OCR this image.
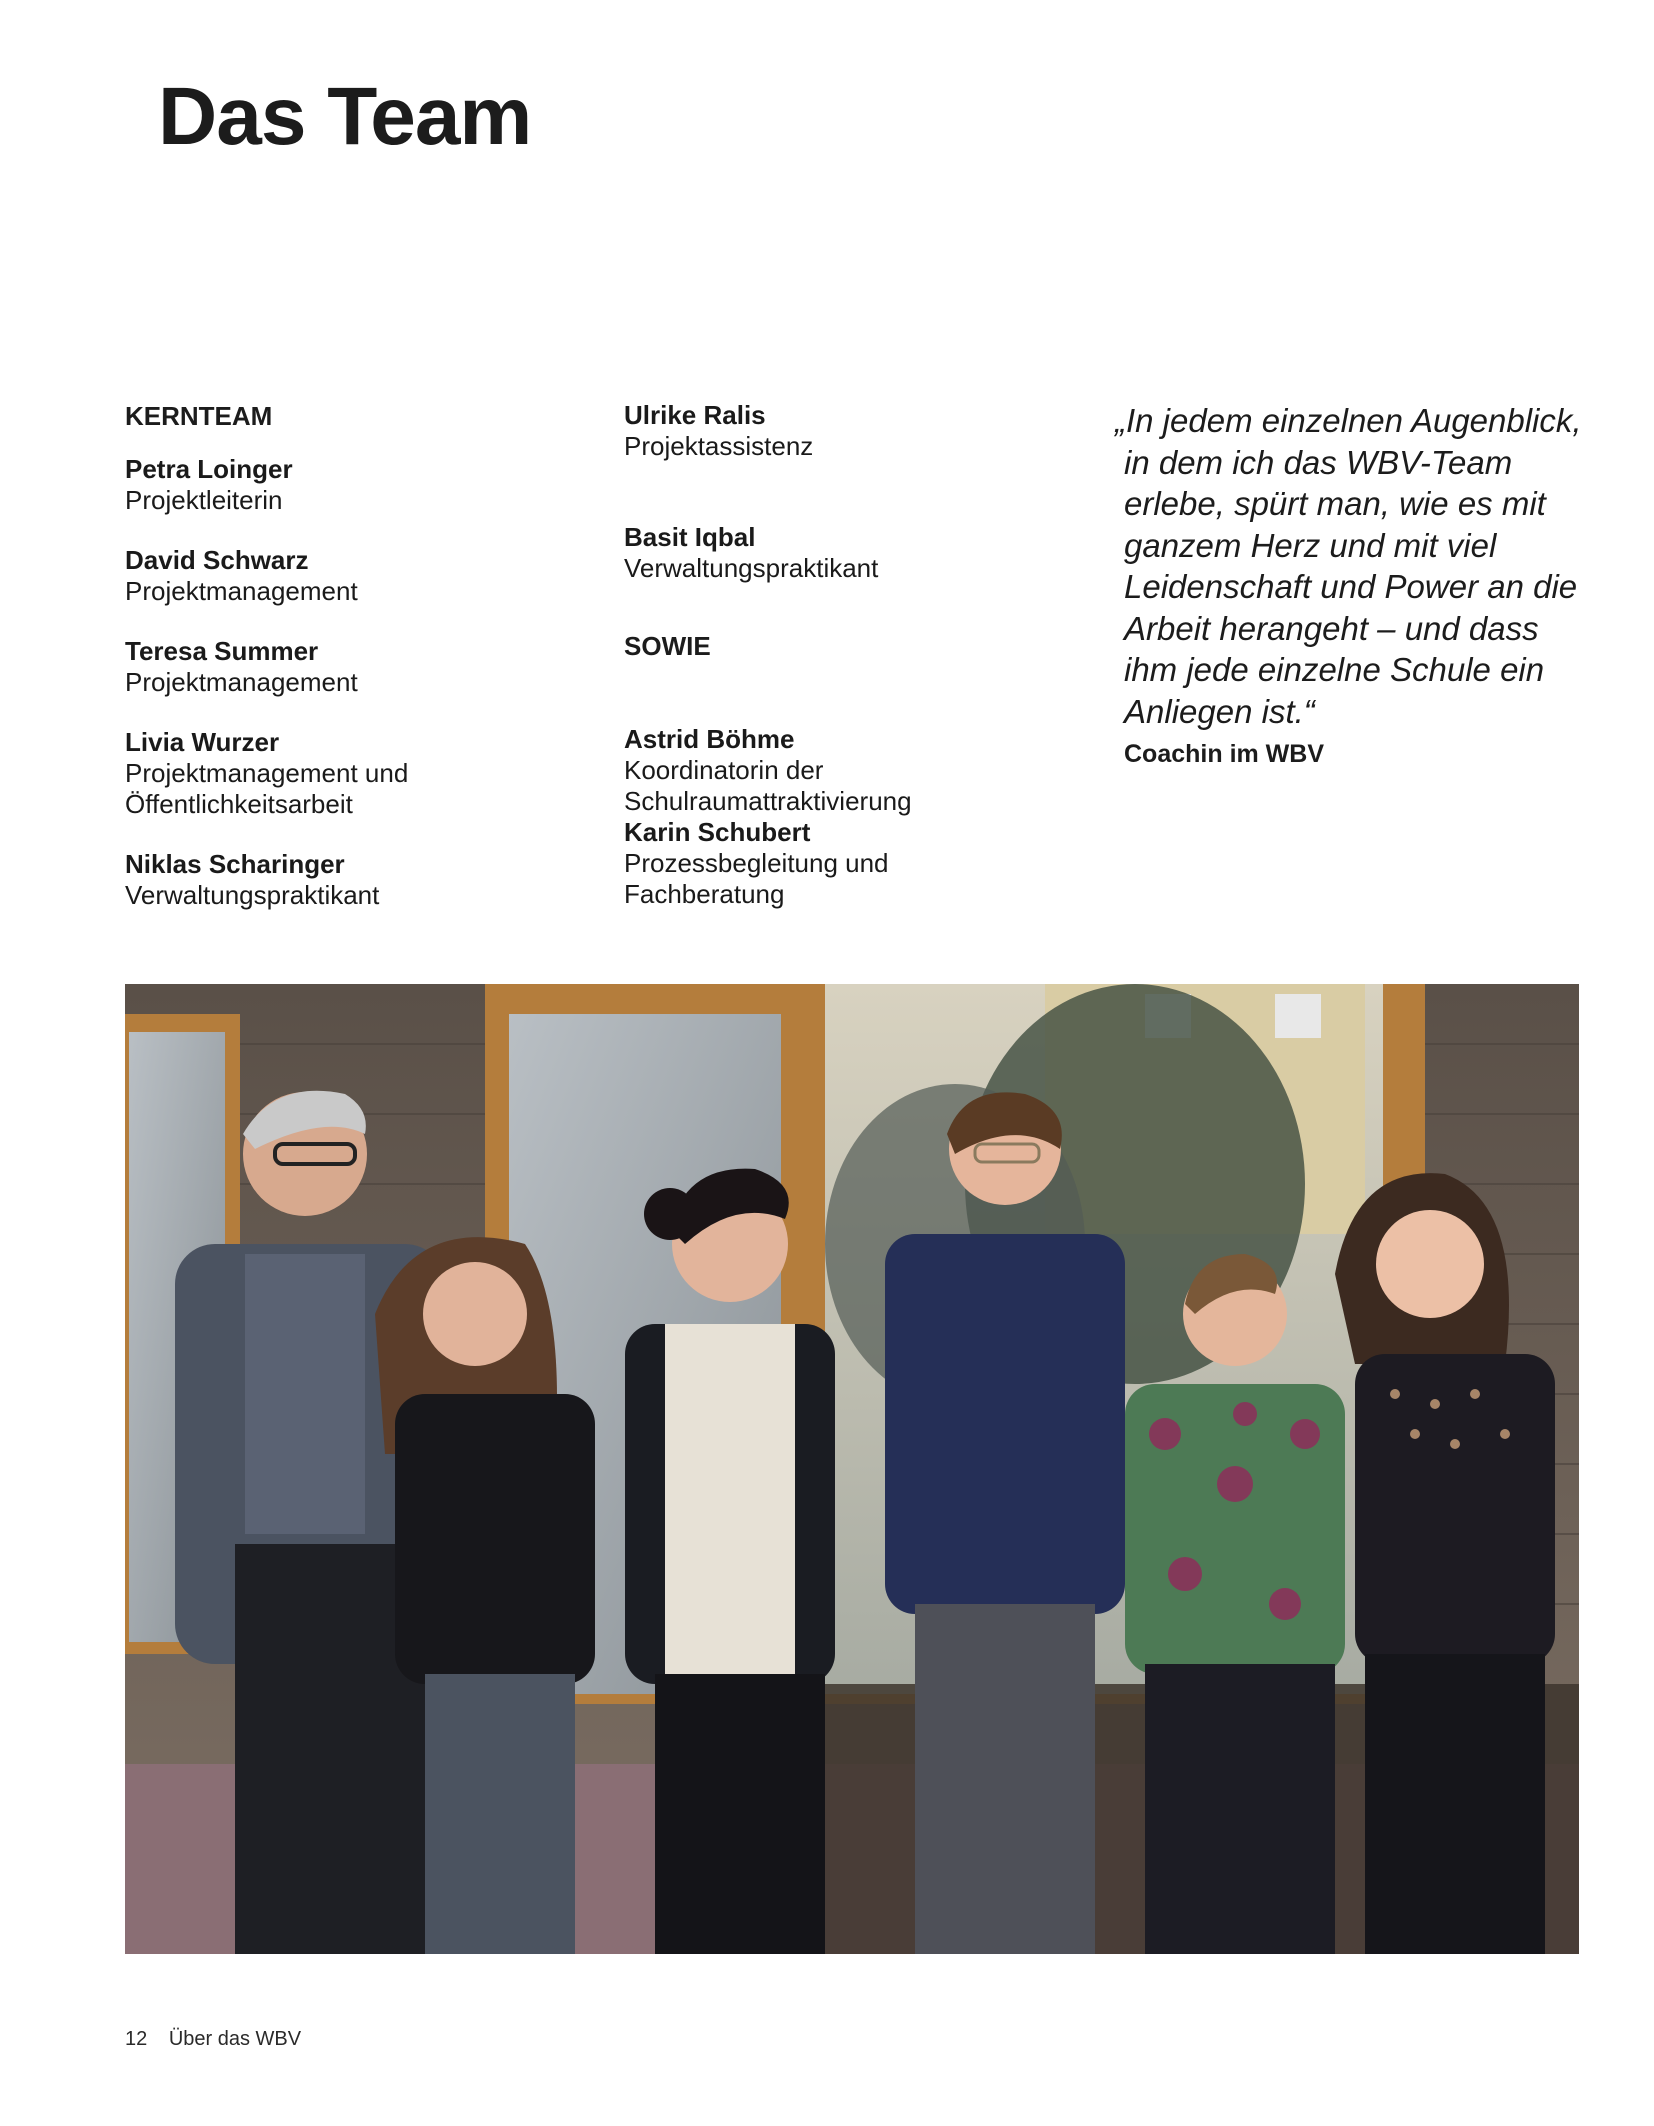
Das Team
KERNTEAM
Petra Loinger
Projektleiterin
David Schwarz
Projektmanagement
Teresa Summer
Projektmanagement
Livia Wurzer
Projektmanagement und
Öffentlichkeitsarbeit
Niklas Scharinger
Verwaltungspraktikant
Ulrike Ralis
Projektassistenz
Basit Iqbal
Verwaltungspraktikant
SOWIE
Astrid Böhme
Koordinatorin der
Schulraumattraktivierung
Karin Schubert
Prozessbegleitung und
Fachberatung

„In jedem einzelnen Augenblick,
in dem ich das WBV-Team
erlebe, spürt man, wie es mit
ganzem Herz und mit viel
Leidenschaft und Power an die
Arbeit herangeht – und dass
ihm jede einzelne Schule ein
Anliegen ist.“

Coachin im WBV
12 Über das WBV
